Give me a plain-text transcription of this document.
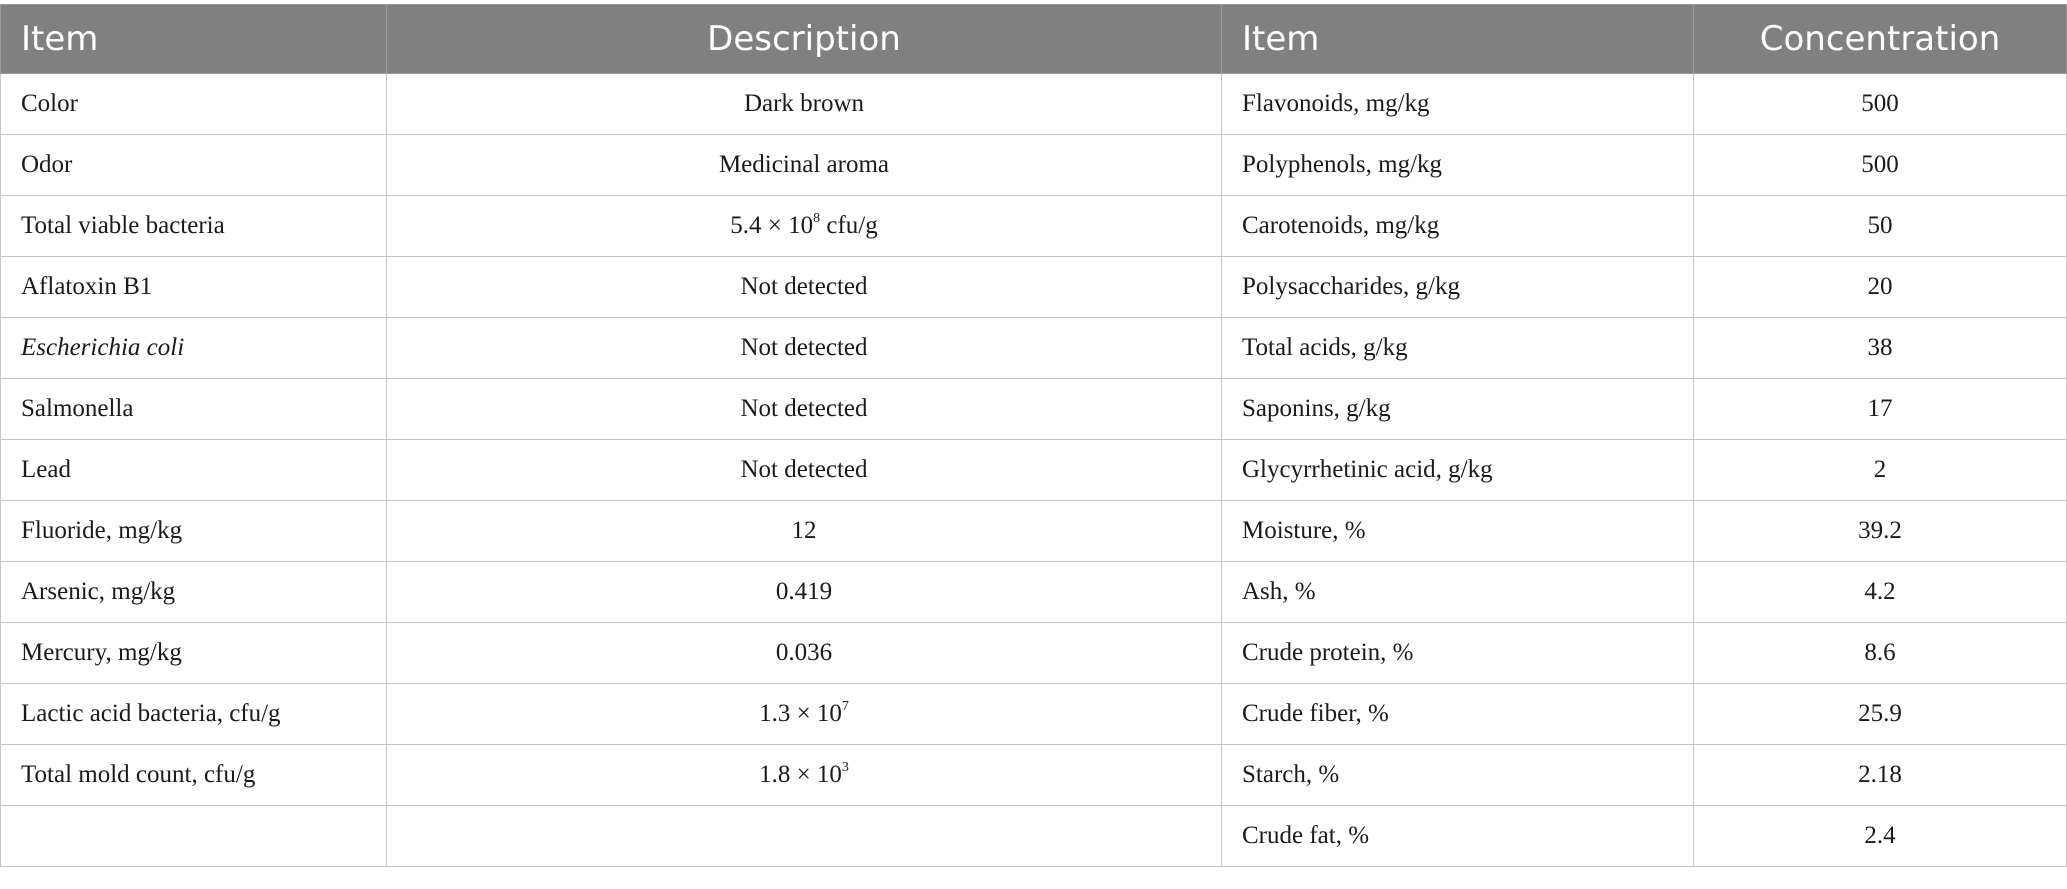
Item	Description	Item	Concentration
Color	Dark brown	Flavonoids, mg/kg	500
Odor	Medicinal aroma	Polyphenols, mg/kg	500
Total viable bacteria	$5.4 \times 10^8$ cfu/g	Carotenoids, mg/kg	50
Aflatoxin B1	Not detected	Polysaccharides, g/kg	20
Escherichia coli	Not detected	Total acids, g/kg	38
Salmonella	Not detected	Saponins, g/kg	17
Lead	Not detected	Glycyrrhetinic acid, g/kg	2
Fluoride, mg/kg	12	Moisture, %	39.2
Arsenic, mg/kg	0.419	Ash, %	4.2
Mercury, mg/kg	0.036	Crude protein, %	8.6
Lactic acid bacteria, cfu/g	$1.3 \times 10^7$	Crude fiber, %	25.9
Total mold count, cfu/g	$1.8 \times 10^3$	Starch, %	2.18
		Crude fat, %	2.4
